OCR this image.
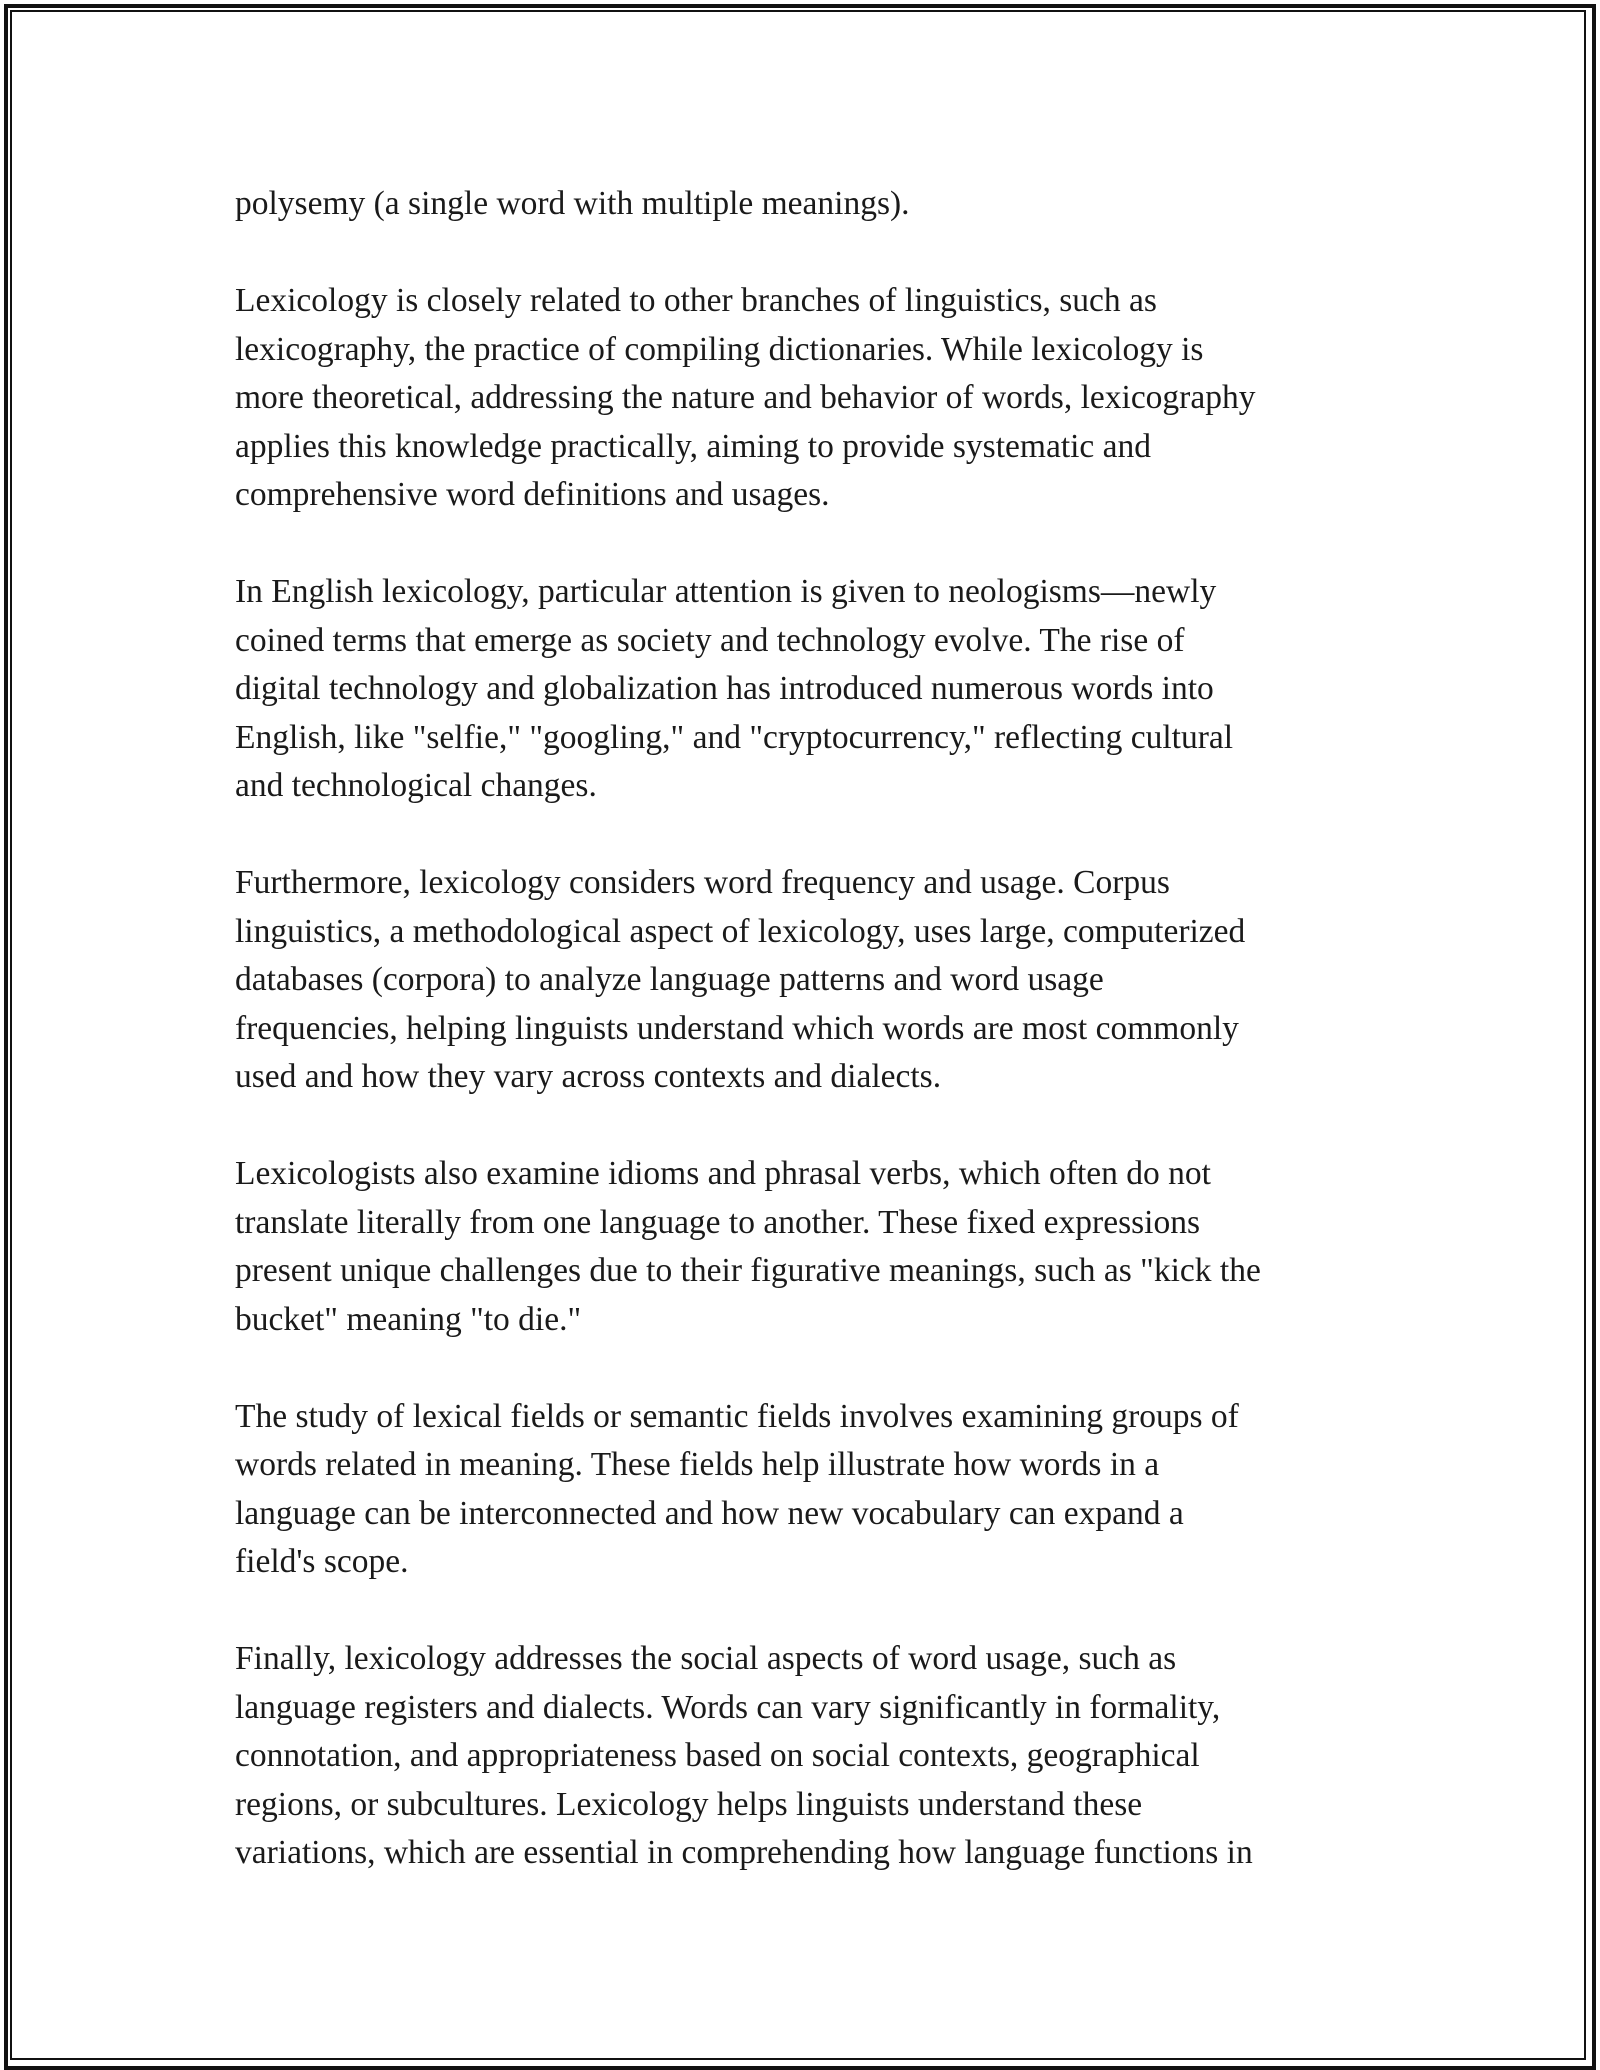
polysemy (a single word with multiple meanings).

Lexicology is closely related to other branches of linguistics, such as
lexicography, the practice of compiling dictionaries. While lexicology is
more theoretical, addressing the nature and behavior of words, lexicography
applies this knowledge practically, aiming to provide systematic and
comprehensive word definitions and usages.

In English lexicology, particular attention is given to neologisms—newly
coined terms that emerge as society and technology evolve. The rise of
digital technology and globalization has introduced numerous words into
English, like "selfie," "googling," and "cryptocurrency," reflecting cultural
and technological changes.

Furthermore, lexicology considers word frequency and usage. Corpus
linguistics, a methodological aspect of lexicology, uses large, computerized
databases (corpora) to analyze language patterns and word usage
frequencies, helping linguists understand which words are most commonly
used and how they vary across contexts and dialects.

Lexicologists also examine idioms and phrasal verbs, which often do not
translate literally from one language to another. These fixed expressions
present unique challenges due to their figurative meanings, such as "kick the
bucket" meaning "to die."

The study of lexical fields or semantic fields involves examining groups of
words related in meaning. These fields help illustrate how words in a
language can be interconnected and how new vocabulary can expand a
field's scope.

Finally, lexicology addresses the social aspects of word usage, such as
language registers and dialects. Words can vary significantly in formality,
connotation, and appropriateness based on social contexts, geographical
regions, or subcultures. Lexicology helps linguists understand these
variations, which are essential in comprehending how language functions in
